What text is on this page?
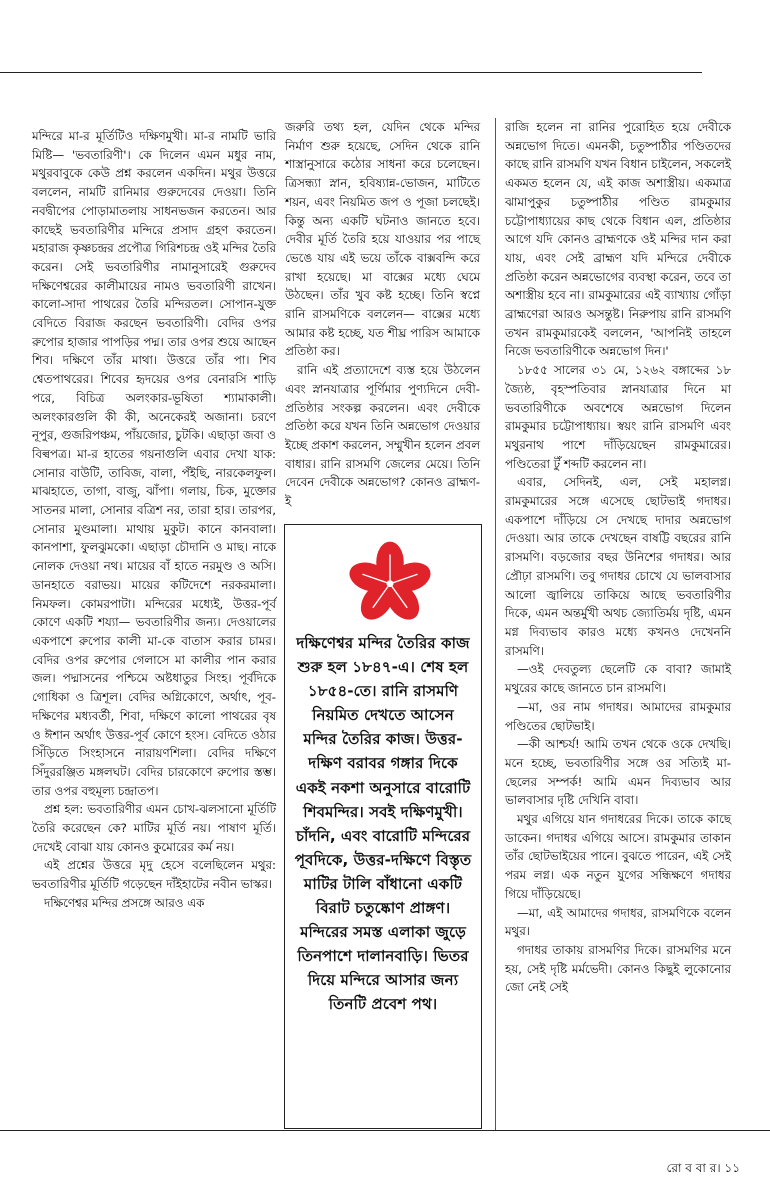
মন্দিরে মা-র মূর্তিটিও দক্ষিণমুখী। মা-র নামটি ভারি মিষ্টি— 'ভবতারিণী'। কে দিলেন এমন মধুর নাম, মথুরবাবুকে কেউ প্রশ্ন করলেন একদিন। মথুর উত্তরে বললেন, নামটি রানিমার গুরুদেবের দেওয়া। তিনি নবদ্বীপের পোড়ামাতলায় সাধনভজন করতেন। আর কাছেই ভবতারিণীর মন্দিরে প্রসাদ গ্রহণ করতেন। মহারাজ কৃষ্ণচন্দ্রর প্রপৌত্র গিরিশচন্দ্র ওই মন্দির তৈরি করেন। সেই ভবতারিণীর নামানুসারেই গুরুদেব দক্ষিণেশ্বরের কালীমায়ের নামও ভবতারিণী রাখেন। কালো-সাদা পাথরের তৈরি মন্দিরতল। সোপান-যুক্ত বেদিতে বিরাজ করছেন ভবতারিণী। বেদির ওপর রুপোর হাজার পাপড়ির পদ্ম। তার ওপর শুয়ে আছেন শিব। দক্ষিণে তাঁর মাথা। উত্তরে তাঁর পা। শিব শ্বেতপাথরের। শিবের হৃদয়ের ওপর বেনারসি শাড়ি পরে, বিচিত্র অলংকার-ভূষিতা শ্যামাকালী। অলংকারগুলি কী কী, অনেকেরই অজানা। চরণে নূপুর, গুজরিপঞ্চম, পাঁয়জোর, চুটকি। এছাড়া জবা ও বিল্বপত্র। মা-র হাতের গয়নাগুলি এবার দেখা যাক: সোনার বাউটি, তাবিজ, বালা, পঁইছি, নারকেলফুল। মাঝহাতে, তাগা, বাজু, ঝাঁপা। গলায়, চিক, মুক্তোর সাতনর মালা, সোনার বত্রিশ নর, তারা হার। তারপর, সোনার মুণ্ডমালা। মাথায় মুকুট। কানে কানবালা। কানপাশা, ফুলঝুমকো। এছাড়া চৌদানি ও মাছ। নাকে নোলক দেওয়া নথ। মায়ের বাঁ হাতে নরমুণ্ড ও অসি। ডানহাতে বরাভয়। মায়ের কটিদেশে নরকরমালা। নিমফল। কোমরপাটা। মন্দিরের মধ্যেই, উত্তর-পূর্ব কোণে একটি শয্যা— ভবতারিণীর জন্য। দেওয়ালের একপাশে রুপোর কালী মা-কে বাতাস করার চামর। বেদির ওপর রুপোর গেলাসে মা কালীর পান করার জল। পদ্মাসনের পশ্চিমে অষ্টধাতুর সিংহ। পূর্বদিকে গোধিকা ও ত্রিশূল। বেদির অগ্নিকোণে, অর্থাৎ, পূব-দক্ষিণের মধ্যবর্তী, শিবা, দক্ষিণে কালো পাথরের বৃষ ও ঈশান অর্থাৎ উত্তর-পূর্ব কোণে হংস। বেদিতে ওঠার সিঁড়িতে সিংহাসনে নারায়ণশিলা। বেদির দক্ষিণে সিঁদুররঞ্জিত মঙ্গলঘট। বেদির চারকোণে রুপোর স্তম্ভ। তার ওপর বহুমূল্য চন্দ্রাতপ।

প্রশ্ন হল: ভবতারিণীর এমন চোখ-ঝলসানো মূর্তিটি তৈরি করেছেন কে? মাটির মূর্তি নয়। পাষাণ মূর্তি। দেখেই বোঝা যায় কোনও কুমোরের কর্ম নয়।

এই প্রশ্নের উত্তরে মৃদু হেসে বলেছিলেন মথুর: ভবতারিণীর মূর্তিটি গড়েছেন দাঁইহাটের নবীন ভাস্কর।

দক্ষিণেশ্বর মন্দির প্রসঙ্গে আরও এক

জরুরি তথ্য হল, যেদিন থেকে মন্দির নির্মাণ শুরু হয়েছে, সেদিন থেকে রানি শাস্ত্রানুসারে কঠোর সাধনা করে চলেছেন। ত্রিসন্ধ্যা স্নান, হবিষ্যান্ন-ভোজন, মাটিতে শয়ন, এবং নিয়মিত জপ ও পূজা চলছেই। কিন্তু অন্য একটি ঘটনাও জানতে হবে। দেবীর মূর্তি তৈরি হয়ে যাওয়ার পর পাছে ভেঙে যায় এই ভয়ে তাঁকে বাক্সবন্দি করে রাখা হয়েছে। মা বাক্সের মধ্যে ঘেমে উঠছেন। তাঁর খুব কষ্ট হচ্ছে। তিনি স্বপ্নে রানি রাসমণিকে বললেন— বাক্সের মধ্যে আমার কষ্ট হচ্ছে, যত শীঘ্র পারিস আমাকে প্রতিষ্ঠা কর।

রানি এই প্রত্যাদেশে ব্যস্ত হয়ে উঠলেন এবং স্নানযাত্রার পূর্ণিমার পুণ্যদিনে দেবী-প্রতিষ্ঠার সংকল্প করলেন। এবং দেবীকে প্রতিষ্ঠা করে যখন তিনি অন্নভোগ দেওয়ার ইচ্ছে প্রকাশ করলেন, সম্মুখীন হলেন প্রবল বাধার। রানি রাসমণি জেলের মেয়ে। তিনি দেবেন দেবীকে অন্নভোগ? কোনও ব্রাহ্মণ-ই

দক্ষিণেশ্বর মন্দির তৈরির কাজ শুরু হল ১৮৪৭-এ। শেষ হল ১৮৫৪-তে। রানি রাসমণি নিয়মিত দেখতে আসেন মন্দির তৈরির কাজ। উত্তর-দক্ষিণ বরাবর গঙ্গার দিকে একই নকশা অনুসারে বারোটি শিবমন্দির। সবই দক্ষিণমুখী। চাঁদনি, এবং বারোটি মন্দিরের পূবদিকে, উত্তর-দক্ষিণে বিস্তৃত মাটির টালি বাঁধানো একটি বিরাট চতুষ্কোণ প্রাঙ্গণ। মন্দিরের সমস্ত এলাকা জুড়ে তিনপাশে দালানবাড়ি। ভিতর দিয়ে মন্দিরে আসার জন্য তিনটি প্রবেশ পথ।

রাজি হলেন না রানির পুরোহিত হয়ে দেবীকে অন্নভোগ দিতে। এমনকী, চতুষ্পাঠীর পণ্ডিতদের কাছে রানি রাসমণি যখন বিধান চাইলেন, সকলেই একমত হলেন যে, এই কাজ অশাস্ত্রীয়। একমাত্র ঝামাপুকুর চতুষ্পাঠীর পণ্ডিত রামকুমার চট্টোপাধ্যায়ের কাছ থেকে বিধান এল, প্রতিষ্ঠার আগে যদি কোনও ব্রাহ্মণকে ওই মন্দির দান করা যায়, এবং সেই ব্রাহ্মণ যদি মন্দিরে দেবীকে প্রতিষ্ঠা করেন অন্নভোগের ব্যবস্থা করেন, তবে তা অশাস্ত্রীয় হবে না। রামকুমারের এই ব্যাখ্যায় গোঁড়া ব্রাহ্মণেরা আরও অসন্তুষ্ট। নিরুপায় রানি রাসমণি তখন রামকুমারকেই বললেন, 'আপনিই তাহলে নিজে ভবতারিণীকে অন্নভোগ দিন।'

১৮৫৫ সালের ৩১ মে, ১২৬২ বঙ্গাব্দের ১৮ জ্যৈষ্ঠ, বৃহস্পতিবার স্নানযাত্রার দিনে মা ভবতারিণীকে অবশেষে অন্নভোগ দিলেন রামকুমার চট্টোপাধ্যায়। স্বয়ং রানি রাসমণি এবং মথুরনাথ পাশে দাঁড়িয়েছেন রামকুমারের। পণ্ডিতেরা টুঁ শব্দটি করলেন না।

এবার, সেদিনই, এল, সেই মহালগ্ন। রামকুমারের সঙ্গে এসেছে ছোটভাই গদাধর। একপাশে দাঁড়িয়ে সে দেখছে দাদার অন্নভোগ দেওয়া। আর তাকে দেখছেন বাষট্টি বছরের রানি রাসমণি। বড়জোর বছর উনিশের গদাধর। আর প্রৌঢ়া রাসমণি। তবু গদাধর চোখে যে ভালবাসার আলো জ্বালিয়ে তাকিয়ে আছে ভবতারিণীর দিকে, এমন অন্তর্মুখী অথচ জ্যোতির্ময় দৃষ্টি, এমন মগ্ন দিব্যভাব কারও মধ্যে কখনও দেখেননি রাসমণি।

—ওই দেবতুল্য ছেলেটি কে বাবা? জামাই মথুরের কাছে জানতে চান রাসমণি।

—মা, ওর নাম গদাধর। আমাদের রামকুমার পণ্ডিতের ছোটভাই।

—কী আশ্চর্য! আমি তখন থেকে ওকে দেখছি। মনে হচ্ছে, ভবতারিণীর সঙ্গে ওর সত্যিই মা-ছেলের সম্পর্ক! আমি এমন দিব্যভাব আর ভালবাসার দৃষ্টি দেখিনি বাবা।

মথুর এগিয়ে যান গদাধরের দিকে। তাকে কাছে ডাকেন। গদাধর এগিয়ে আসে। রামকুমার তাকান তাঁর ছোটভাইয়ের পানে। বুঝতে পারেন, এই সেই পরম লগ্ন। এক নতুন যুগের সন্ধিক্ষণে গদাধর গিয়ে দাঁড়িয়েছে।

—মা, এই আমাদের গদাধর, রাসমণিকে বলেন মথুর।

গদাধর তাকায় রাসমণির দিকে। রাসমণির মনে হয়, সেই দৃষ্টি মর্মভেদী। কোনও কিছুই লুকোনোর জো নেই সেই

রো ব বা র। ১১
